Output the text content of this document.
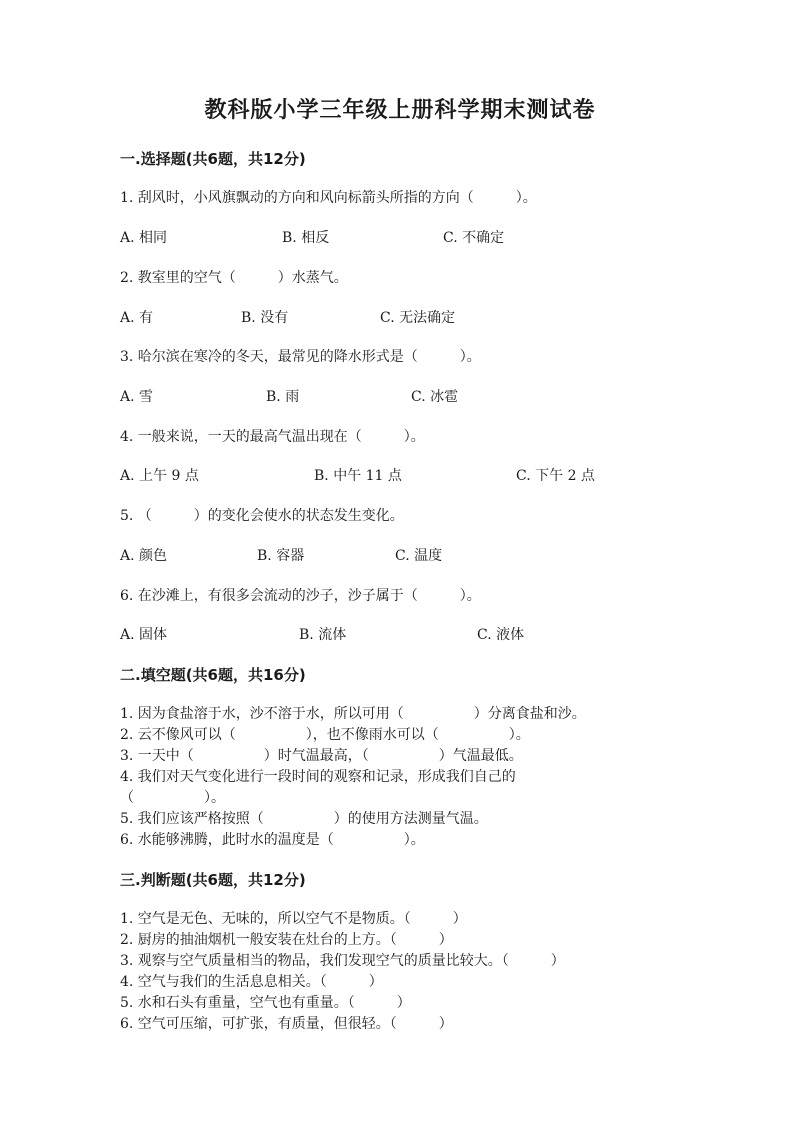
教科版小学三年级上册科学期末测试卷
一.选择题(共6题，共12分)
1. 刮风时，小风旗飘动的方向和风向标箭头所指的方向（　　　）。
A. 相同	B. 相反	C. 不确定
2. 教室里的空气（　　　）水蒸气。
A. 有	B. 没有	C. 无法确定
3. 哈尔滨在寒冷的冬天，最常见的降水形式是（　　　）。
A. 雪	B. 雨	C. 冰雹
4. 一般来说，一天的最高气温出现在（　　　）。
A. 上午 9 点	B. 中午 11 点	C. 下午 2 点
5. （　　　）的变化会使水的状态发生变化。
A. 颜色	B. 容器	C. 温度
6. 在沙滩上，有很多会流动的沙子，沙子属于（　　　）。
A. 固体	B. 流体	C. 液体
二.填空题(共6题，共16分)
1. 因为食盐溶于水，沙不溶于水，所以可用（　　　　　）分离食盐和沙。
2. 云不像风可以（　　　　　），也不像雨水可以（　　　　　）。
3. 一天中（　　　　　）时气温最高，（　　　　　）气温最低。
4. 我们对天气变化进行一段时间的观察和记录，形成我们自己的
（　　　　　）。
5. 我们应该严格按照（　　　　　）的使用方法测量气温。
6. 水能够沸腾，此时水的温度是（　　　　　）。
三.判断题(共6题，共12分)
1. 空气是无色、无味的，所以空气不是物质。（　　　）
2. 厨房的抽油烟机一般安装在灶台的上方。（　　　）
3. 观察与空气质量相当的物品，我们发现空气的质量比较大。（　　　）
4. 空气与我们的生活息息相关。（　　　）
5. 水和石头有重量，空气也有重量。（　　　）
6. 空气可压缩，可扩张，有质量，但很轻。（　　　）
